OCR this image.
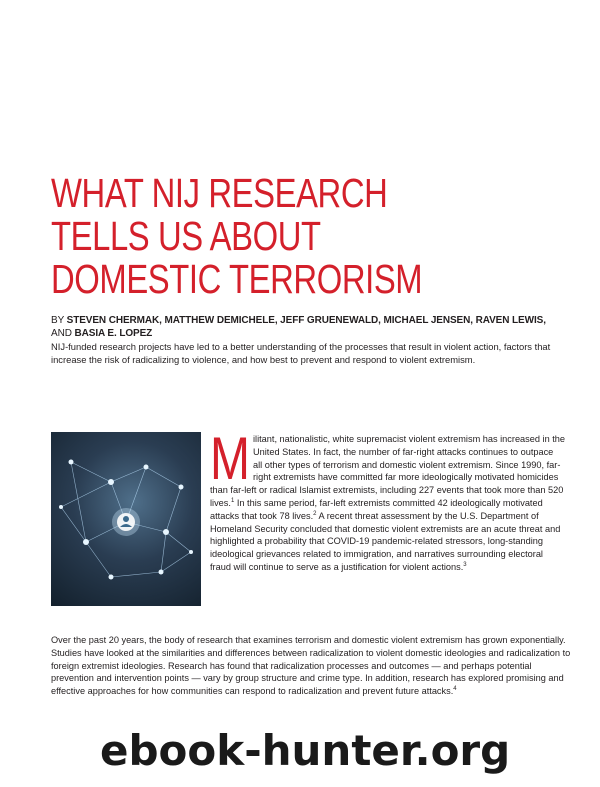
WHAT NIJ RESEARCH
TELLS US ABOUT
DOMESTIC TERRORISM
BY STEVEN CHERMAK, MATTHEW DEMICHELE, JEFF GRUENEWALD, MICHAEL JENSEN, RAVEN LEWIS,
AND BASIA E. LOPEZ
NIJ-funded research projects have led to a better understanding of the processes that result in violent action, factors that increase the risk of radicalizing to violence, and how best to prevent and respond to violent extremism.
Militant, nationalistic, white supremacist violent extremism has increased in the United States. In fact, the number of far-right attacks continues to outpace all other types of terrorism and domestic violent extremism. Since 1990, far-right extremists have committed far more ideologically motivated homicides than far-left or radical Islamist extremists, including 227 events that took more than 520 lives.$^1$ In this same period, far-left extremists committed 42 ideologically motivated attacks that took 78 lives.$^2$ A recent threat assessment by the U.S. Department of Homeland Security concluded that domestic violent extremists are an acute threat and highlighted a probability that COVID-19 pandemic-related stressors, long-standing ideological grievances related to immigration, and narratives surrounding electoral fraud will continue to serve as a justification for violent actions.$^3$
Over the past 20 years, the body of research that examines terrorism and domestic violent extremism has grown exponentially. Studies have looked at the similarities and differences between radicalization to violent domestic ideologies and radicalization to foreign extremist ideologies. Research has found that radicalization processes and outcomes — and perhaps potential prevention and intervention points — vary by group structure and crime type. In addition, research has explored promising and effective approaches for how communities can respond to radicalization and prevent future attacks.$^4$
ebook-hunter.org
